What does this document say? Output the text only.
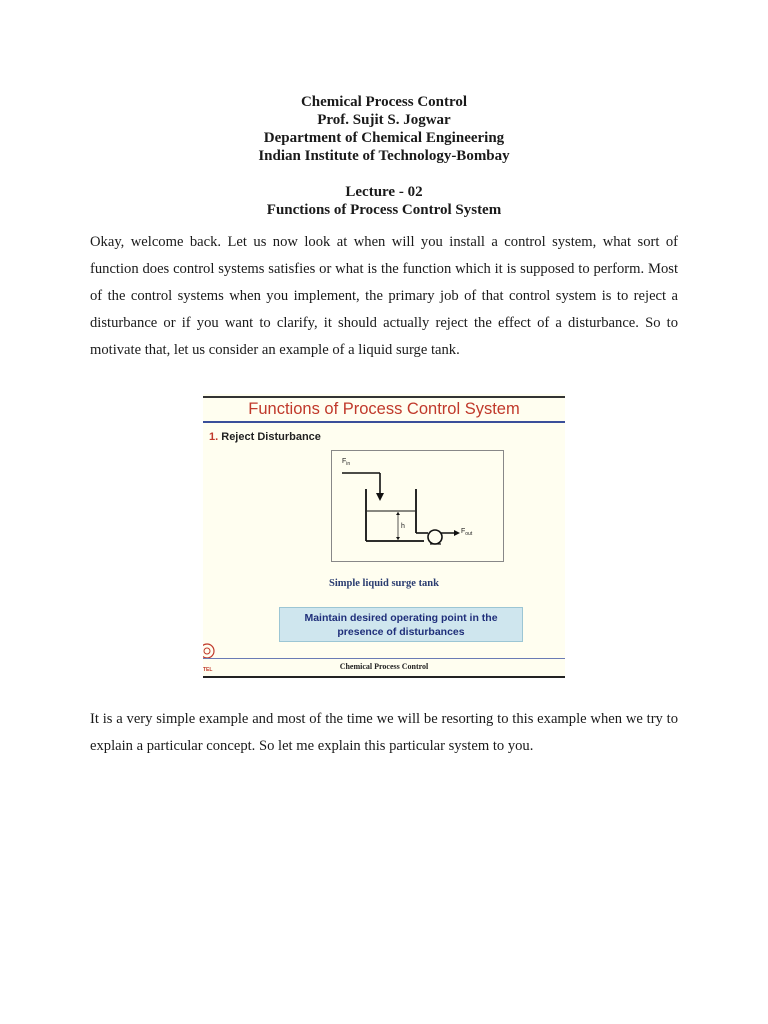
Chemical Process Control
Prof. Sujit S. Jogwar
Department of Chemical Engineering
Indian Institute of Technology-Bombay
Lecture - 02
Functions of Process Control System

Okay, welcome back. Let us now look at when will you install a control system, what sort of function does control systems satisfies or what is the function which it is supposed to perform. Most of the control systems when you implement, the primary job of that control system is to reject a disturbance or if you want to clarify, it should actually reject the effect of a disturbance. So to motivate that, let us consider an example of a liquid surge tank.

Functions of Process Control System
1. Reject Disturbance
$F_{in}$
h
$F_{out}$
Simple liquid surge tank
Maintain desired operating point in the
presence of disturbances
TEL	Chemical Process Control

It is a very simple example and most of the time we will be resorting to this example when we try to explain a particular concept. So let me explain this particular system to you.
